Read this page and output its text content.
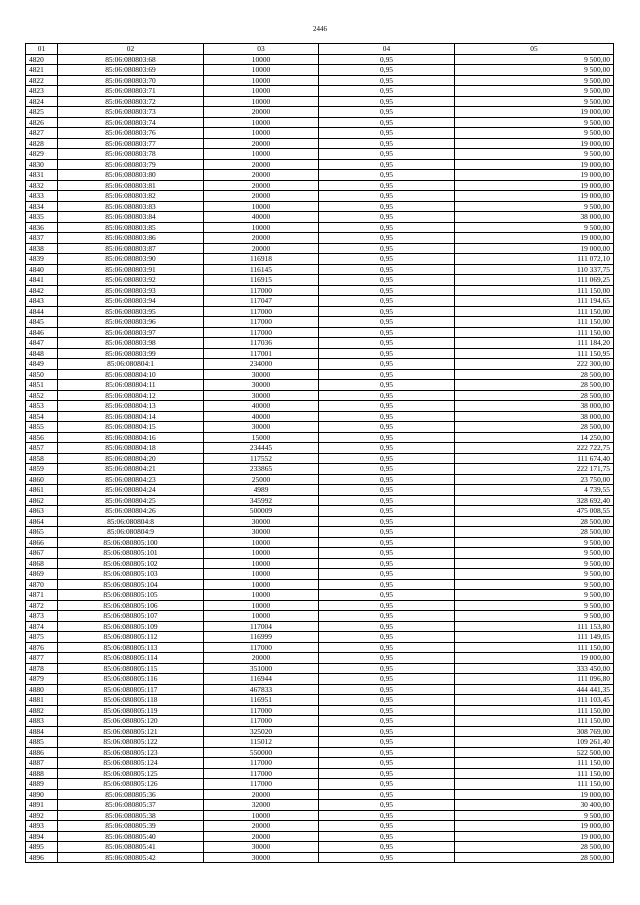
2446
01	02	03	04	05
4820	85:06:080803:68	10000	0,95	9 500,00
4821	85:06:080803:69	10000	0,95	9 500,00
4822	85:06:080803:70	10000	0,95	9 500,00
4823	85:06:080803:71	10000	0,95	9 500,00
4824	85:06:080803:72	10000	0,95	9 500,00
4825	85:06:080803:73	20000	0,95	19 000,00
4826	85:06:080803:74	10000	0,95	9 500,00
4827	85:06:080803:76	10000	0,95	9 500,00
4828	85:06:080803:77	20000	0,95	19 000,00
4829	85:06:080803:78	10000	0,95	9 500,00
4830	85:06:080803:79	20000	0,95	19 000,00
4831	85:06:080803:80	20000	0,95	19 000,00
4832	85:06:080803:81	20000	0,95	19 000,00
4833	85:06:080803:82	20000	0,95	19 000,00
4834	85:06:080803:83	10000	0,95	9 500,00
4835	85:06:080803:84	40000	0,95	38 000,00
4836	85:06:080803:85	10000	0,95	9 500,00
4837	85:06:080803:86	20000	0,95	19 000,00
4838	85:06:080803:87	20000	0,95	19 000,00
4839	85:06:080803:90	116918	0,95	111 072,10
4840	85:06:080803:91	116145	0,95	110 337,75
4841	85:06:080803:92	116915	0,95	111 069,25
4842	85:06:080803:93	117000	0,95	111 150,00
4843	85:06:080803:94	117047	0,95	111 194,65
4844	85:06:080803:95	117000	0,95	111 150,00
4845	85:06:080803:96	117000	0,95	111 150,00
4846	85:06:080803:97	117000	0,95	111 150,00
4847	85:06:080803:98	117036	0,95	111 184,20
4848	85:06:080803:99	117001	0,95	111 150,95
4849	85:06:080804:1	234000	0,95	222 300,00
4850	85:06:080804:10	30000	0,95	28 500,00
4851	85:06:080804:11	30000	0,95	28 500,00
4852	85:06:080804:12	30000	0,95	28 500,00
4853	85:06:080804:13	40000	0,95	38 000,00
4854	85:06:080804:14	40000	0,95	38 000,00
4855	85:06:080804:15	30000	0,95	28 500,00
4856	85:06:080804:16	15000	0,95	14 250,00
4857	85:06:080804:18	234445	0,95	222 722,75
4858	85:06:080804:20	117552	0,95	111 674,40
4859	85:06:080804:21	233865	0,95	222 171,75
4860	85:06:080804:23	25000	0,95	23 750,00
4861	85:06:080804:24	4989	0,95	4 739,55
4862	85:06:080804:25	345992	0,95	328 692,40
4863	85:06:080804:26	500009	0,95	475 008,55
4864	85:06:080804:8	30000	0,95	28 500,00
4865	85:06:080804:9	30000	0,95	28 500,00
4866	85:06:080805:100	10000	0,95	9 500,00
4867	85:06:080805:101	10000	0,95	9 500,00
4868	85:06:080805:102	10000	0,95	9 500,00
4869	85:06:080805:103	10000	0,95	9 500,00
4870	85:06:080805:104	10000	0,95	9 500,00
4871	85:06:080805:105	10000	0,95	9 500,00
4872	85:06:080805:106	10000	0,95	9 500,00
4873	85:06:080805:107	10000	0,95	9 500,00
4874	85:06:080805:109	117004	0,95	111 153,80
4875	85:06:080805:112	116999	0,95	111 149,05
4876	85:06:080805:113	117000	0,95	111 150,00
4877	85:06:080805:114	20000	0,95	19 000,00
4878	85:06:080805:115	351000	0,95	333 450,00
4879	85:06:080805:116	116944	0,95	111 096,80
4880	85:06:080805:117	467833	0,95	444 441,35
4881	85:06:080805:118	116951	0,95	111 103,45
4882	85:06:080805:119	117000	0,95	111 150,00
4883	85:06:080805:120	117000	0,95	111 150,00
4884	85:06:080805:121	325020	0,95	308 769,00
4885	85:06:080805:122	115012	0,95	109 261,40
4886	85:06:080805:123	550000	0,95	522 500,00
4887	85:06:080805:124	117000	0,95	111 150,00
4888	85:06:080805:125	117000	0,95	111 150,00
4889	85:06:080805:126	117000	0,95	111 150,00
4890	85:06:080805:36	20000	0,95	19 000,00
4891	85:06:080805:37	32000	0,95	30 400,00
4892	85:06:080805:38	10000	0,95	9 500,00
4893	85:06:080805:39	20000	0,95	19 000,00
4894	85:06:080805:40	20000	0,95	19 000,00
4895	85:06:080805:41	30000	0,95	28 500,00
4896	85:06:080805:42	30000	0,95	28 500,00
